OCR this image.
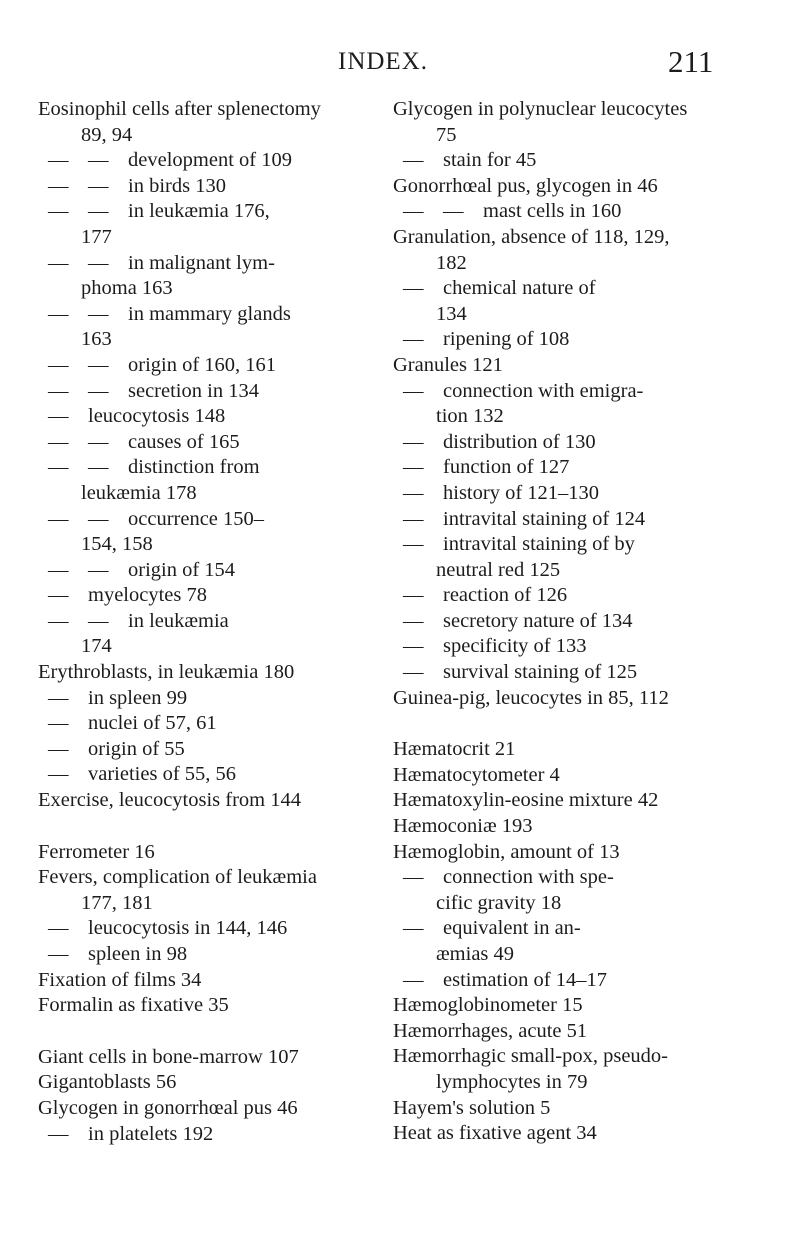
INDEX.	211
Eosinophil cells after splenectomy
89, 94
— — development of 109
— — in birds 130
— — in leukæmia 176,
177
— — in malignant lym-
phoma 163
— — in mammary glands
163
— — origin of 160, 161
— — secretion in 134
— leucocytosis 148
— — causes of 165
— — distinction from
leukæmia 178
— — occurrence 150–
154, 158
— — origin of 154
— myelocytes 78
— — in leukæmia
174
Erythroblasts, in leukæmia 180
— in spleen 99
— nuclei of 57, 61
— origin of 55
— varieties of 55, 56
Exercise, leucocytosis from 144
Ferrometer 16
Fevers, complication of leukæmia
177, 181
— leucocytosis in 144, 146
— spleen in 98
Fixation of films 34
Formalin as fixative 35
Giant cells in bone-marrow 107
Gigantoblasts 56
Glycogen in gonorrhœal pus 46
— in platelets 192
Glycogen in polynuclear leucocytes
75
— stain for 45
Gonorrhœal pus, glycogen in 46
— — mast cells in 160
Granulation, absence of 118, 129,
182
— chemical nature of
134
— ripening of 108
Granules 121
— connection with emigra-
tion 132
— distribution of 130
— function of 127
— history of 121–130
— intravital staining of 124
— intravital staining of by
neutral red 125
— reaction of 126
— secretory nature of 134
— specificity of 133
— survival staining of 125
Guinea-pig, leucocytes in 85, 112
Hæmatocrit 21
Hæmatocytometer 4
Hæmatoxylin-eosine mixture 42
Hæmoconiæ 193
Hæmoglobin, amount of 13
— connection with spe-
cific gravity 18
— equivalent in an-
æmias 49
— estimation of 14–17
Hæmoglobinometer 15
Hæmorrhages, acute 51
Hæmorrhagic small-pox, pseudo-
lymphocytes in 79
Hayem's solution 5
Heat as fixative agent 34
